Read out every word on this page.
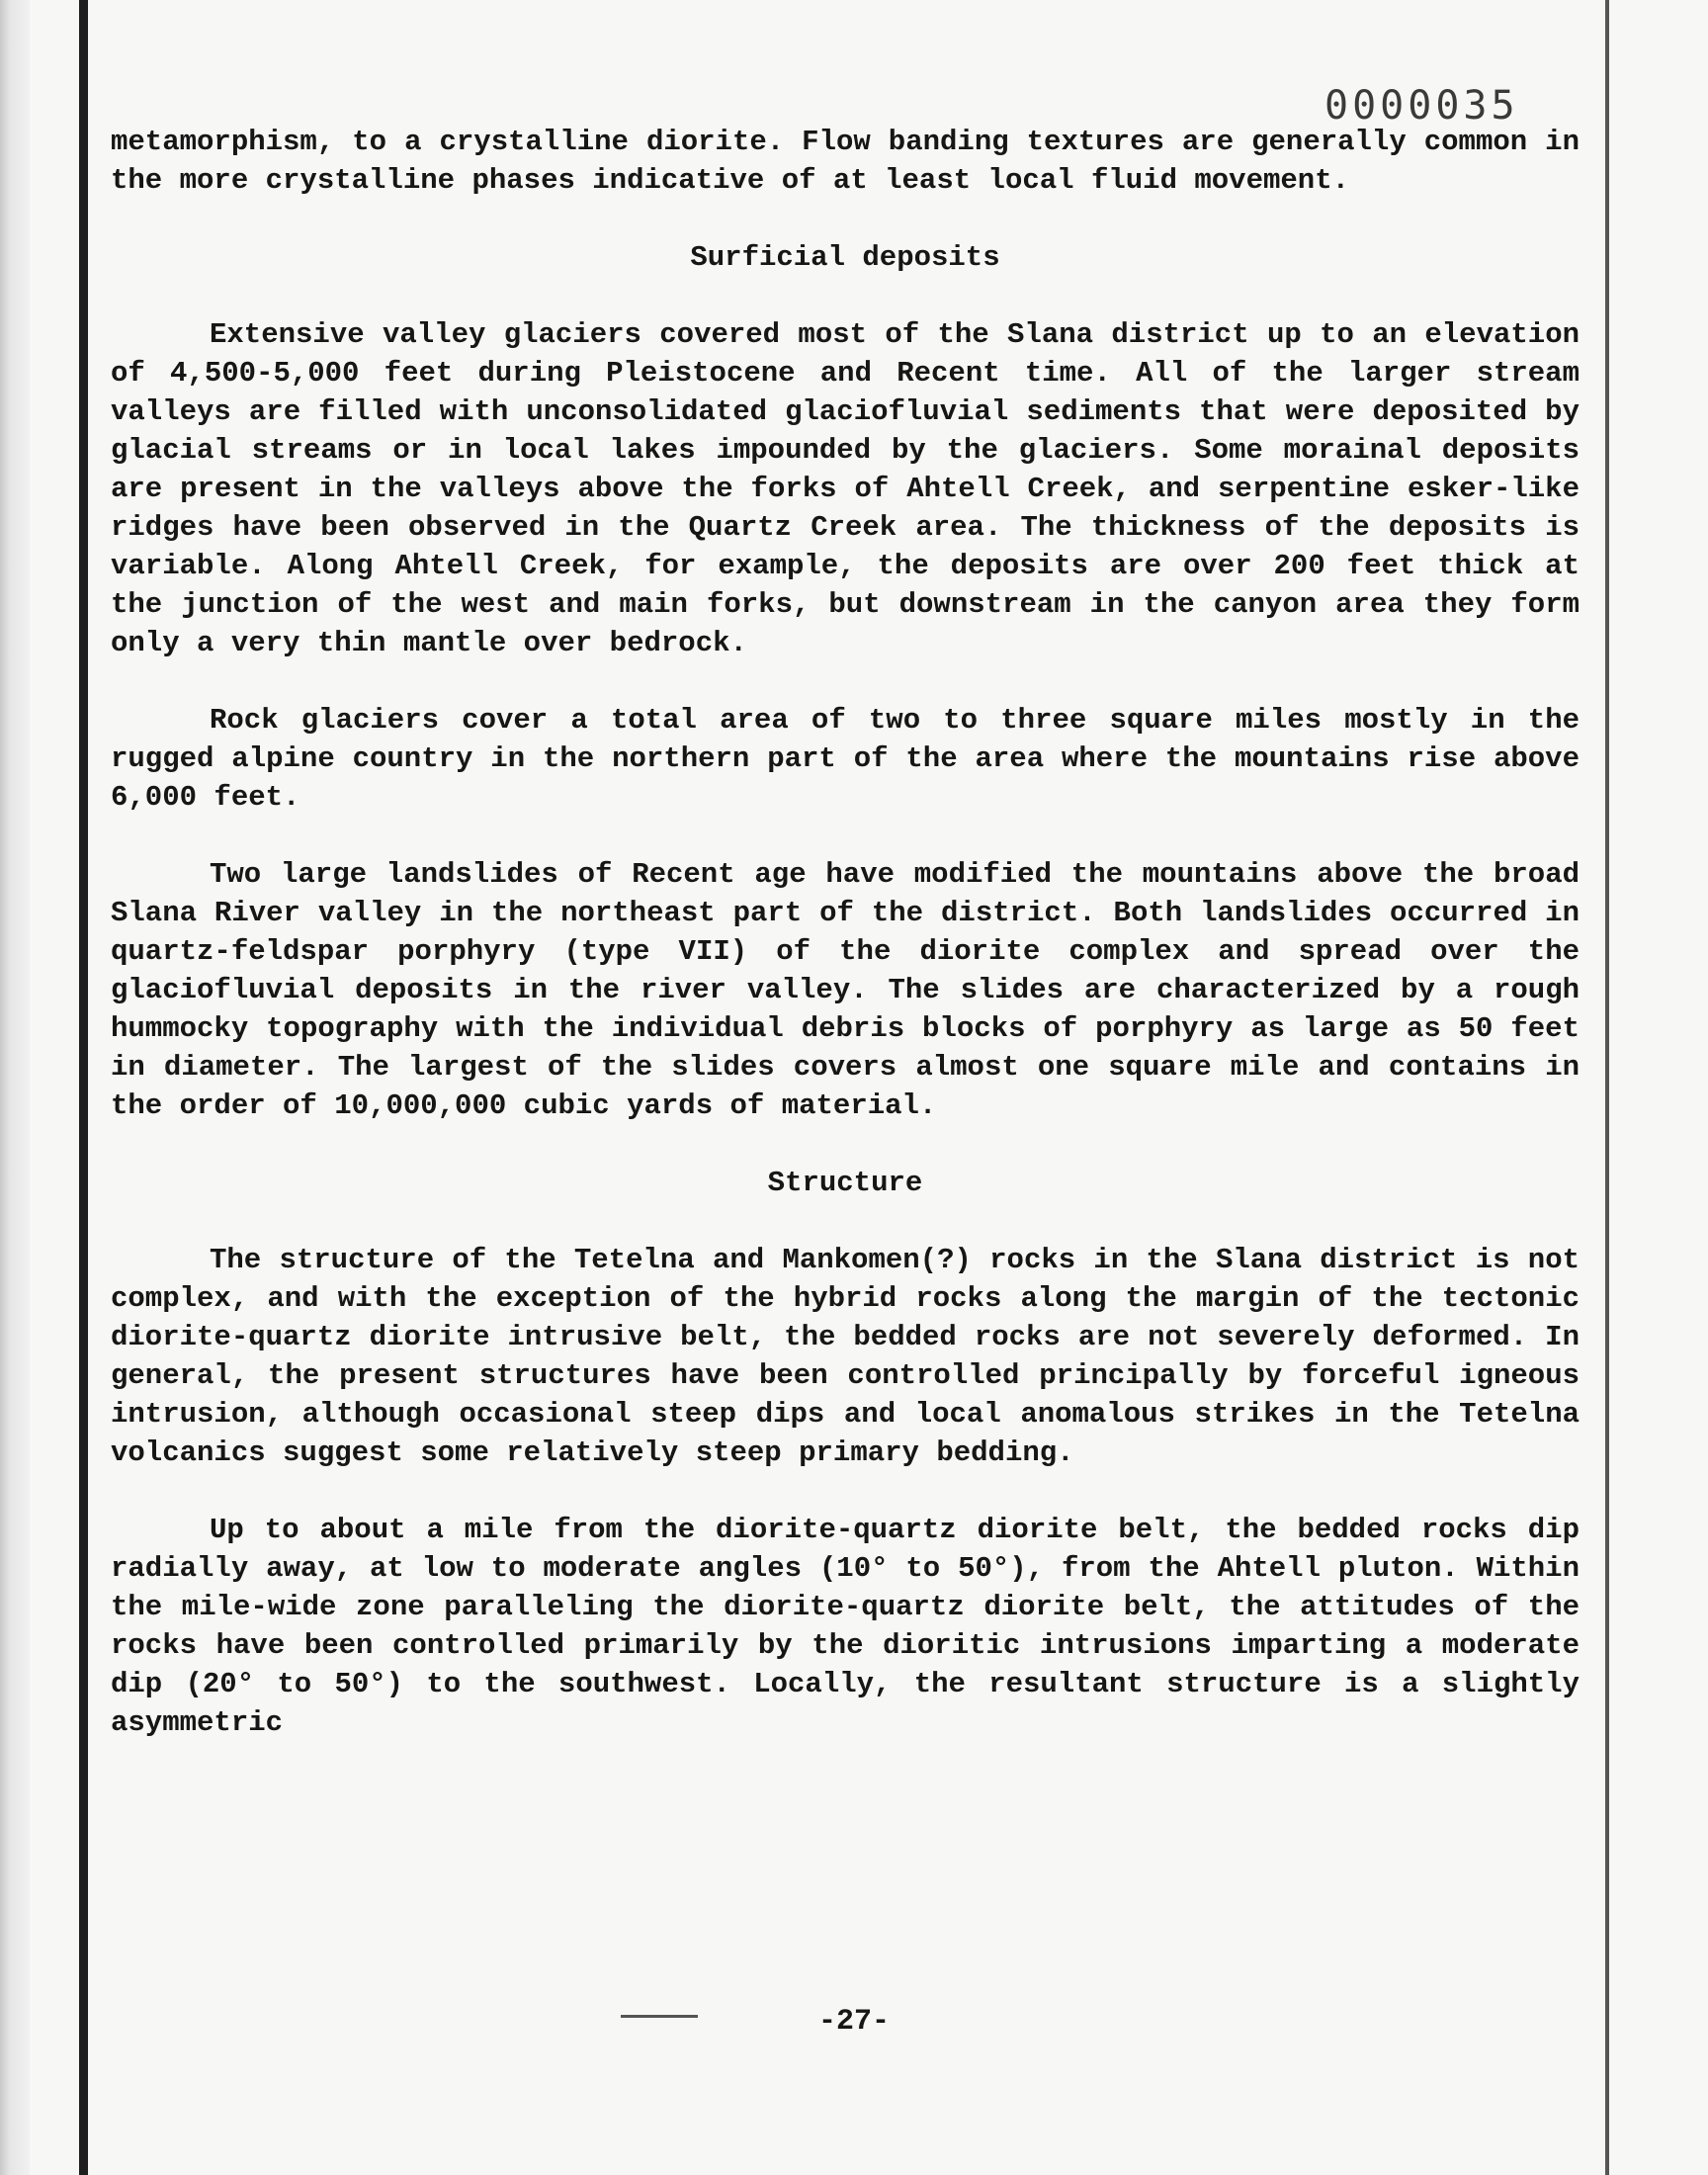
0000035

metamorphism, to a crystalline diorite. Flow banding textures are generally common in the more crystalline phases indicative of at least local fluid movement.

Surficial deposits

Extensive valley glaciers covered most of the Slana district up to an elevation of 4,500-5,000 feet during Pleistocene and Recent time. All of the larger stream valleys are filled with unconsolidated glaciofluvial sediments that were deposited by glacial streams or in local lakes impounded by the glaciers. Some morainal deposits are present in the valleys above the forks of Ahtell Creek, and serpentine esker-like ridges have been observed in the Quartz Creek area. The thickness of the deposits is variable. Along Ahtell Creek, for example, the deposits are over 200 feet thick at the junction of the west and main forks, but downstream in the canyon area they form only a very thin mantle over bedrock.

Rock glaciers cover a total area of two to three square miles mostly in the rugged alpine country in the northern part of the area where the mountains rise above 6,000 feet.

Two large landslides of Recent age have modified the mountains above the broad Slana River valley in the northeast part of the district. Both landslides occurred in quartz-feldspar porphyry (type VII) of the diorite complex and spread over the glaciofluvial deposits in the river valley. The slides are characterized by a rough hummocky topography with the individual debris blocks of porphyry as large as 50 feet in diameter. The largest of the slides covers almost one square mile and contains in the order of 10,000,000 cubic yards of material.

Structure

The structure of the Tetelna and Mankomen(?) rocks in the Slana district is not complex, and with the exception of the hybrid rocks along the margin of the tectonic diorite-quartz diorite intrusive belt, the bedded rocks are not severely deformed. In general, the present structures have been controlled principally by forceful igneous intrusion, although occasional steep dips and local anomalous strikes in the Tetelna volcanics suggest some relatively steep primary bedding.

Up to about a mile from the diorite-quartz diorite belt, the bedded rocks dip radially away, at low to moderate angles (10° to 50°), from the Ahtell pluton. Within the mile-wide zone paralleling the diorite-quartz diorite belt, the attitudes of the rocks have been controlled primarily by the dioritic intrusions imparting a moderate dip (20° to 50°) to the southwest. Locally, the resultant structure is a slightly asymmetric

-27-
